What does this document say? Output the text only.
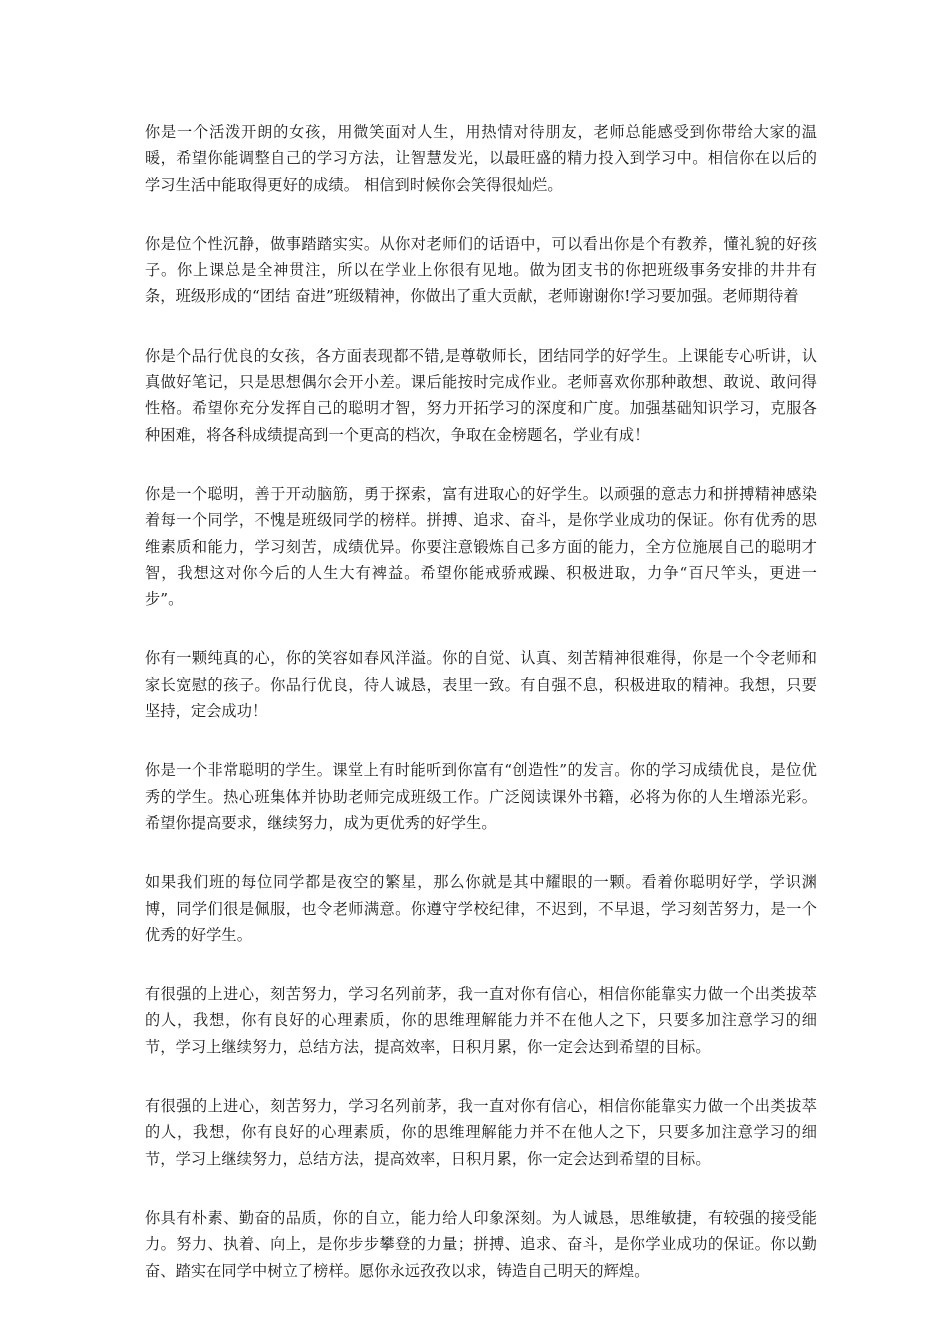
你是一个活泼开朗的女孩，用微笑面对人生，用热情对待朋友，老师总能感受到你带给大家的温暖，希望你能调整自己的学习方法，让智慧发光，以最旺盛的精力投入到学习中。相信你在以后的学习生活中能取得更好的成绩。 相信到时候你会笑得很灿烂。

你是位个性沉静，做事踏踏实实。从你对老师们的话语中，可以看出你是个有教养，懂礼貌的好孩子。你上课总是全神贯注，所以在学业上你很有见地。做为团支书的你把班级事务安排的井井有条，班级形成的“团结 奋进”班级精神，你做出了重大贡献，老师谢谢你!学习要加强。老师期待着

你是个品行优良的女孩，各方面表现都不错,是尊敬师长，团结同学的好学生。上课能专心听讲，认真做好笔记，只是思想偶尔会开小差。课后能按时完成作业。老师喜欢你那种敢想、敢说、敢问得性格。希望你充分发挥自己的聪明才智，努力开拓学习的深度和广度。加强基础知识学习，克服各种困难，将各科成绩提高到一个更高的档次，争取在金榜题名，学业有成！

你是一个聪明，善于开动脑筋，勇于探索，富有进取心的好学生。以顽强的意志力和拼搏精神感染着每一个同学，不愧是班级同学的榜样。拼搏、追求、奋斗，是你学业成功的保证。你有优秀的思维素质和能力，学习刻苦，成绩优异。你要注意锻炼自己多方面的能力，全方位施展自己的聪明才智，我想这对你今后的人生大有裨益。希望你能戒骄戒躁、积极进取，力争“百尺竿头，更进一步”。

你有一颗纯真的心，你的笑容如春风洋溢。你的自觉、认真、刻苦精神很难得，你是一个令老师和家长宽慰的孩子。你品行优良，待人诚恳，表里一致。有自强不息，积极进取的精神。我想，只要坚持，定会成功！

你是一个非常聪明的学生。课堂上有时能听到你富有“创造性”的发言。你的学习成绩优良，是位优秀的学生。热心班集体并协助老师完成班级工作。广泛阅读课外书籍，必将为你的人生增添光彩。希望你提高要求，继续努力，成为更优秀的好学生。

如果我们班的每位同学都是夜空的繁星，那么你就是其中耀眼的一颗。看着你聪明好学，学识渊博，同学们很是佩服，也令老师满意。你遵守学校纪律，不迟到，不早退，学习刻苦努力，是一个优秀的好学生。

有很强的上进心，刻苦努力，学习名列前茅，我一直对你有信心，相信你能靠实力做一个出类拔萃的人，我想，你有良好的心理素质，你的思维理解能力并不在他人之下，只要多加注意学习的细节，学习上继续努力，总结方法，提高效率，日积月累，你一定会达到希望的目标。

有很强的上进心，刻苦努力，学习名列前茅，我一直对你有信心，相信你能靠实力做一个出类拔萃的人，我想，你有良好的心理素质，你的思维理解能力并不在他人之下，只要多加注意学习的细节，学习上继续努力，总结方法，提高效率，日积月累，你一定会达到希望的目标。

你具有朴素、勤奋的品质，你的自立，能力给人印象深刻。为人诚恳，思维敏捷，有较强的接受能力。努力、执着、向上，是你步步攀登的力量；拼搏、追求、奋斗，是你学业成功的保证。你以勤奋、踏实在同学中树立了榜样。愿你永远孜孜以求，铸造自己明天的辉煌。
